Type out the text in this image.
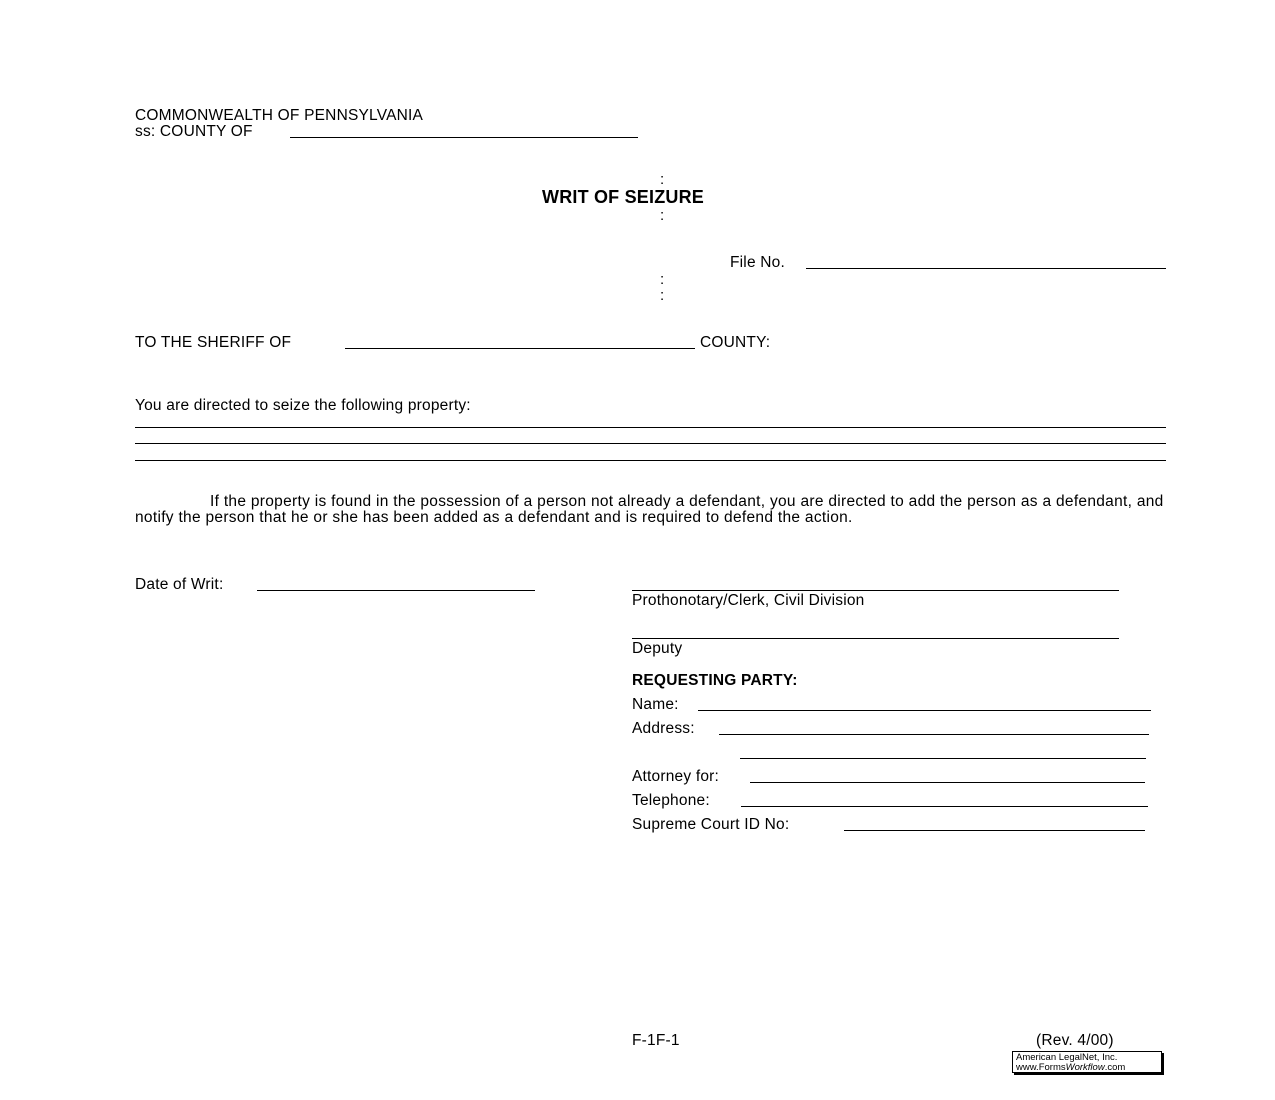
COMMONWEALTH OF PENNSYLVANIA
ss: COUNTY OF
:
WRIT OF SEIZURE
:
File No.
:
:
TO THE SHERIFF OF	COUNTY:
You are directed to seize the following property:
If the property is found in the possession of a person not already a defendant, you are directed to add the person as a defendant, and notify the person that he or she has been added as a defendant and is required to defend the action.
Date of Writ:
Prothonotary/Clerk, Civil Division
Deputy
REQUESTING PARTY:
Name:
Address:
Attorney for:
Telephone:
Supreme Court ID No:
F-1F-1	(Rev. 4/00)
American LegalNet, Inc.
www.FormsWorkflow.com
